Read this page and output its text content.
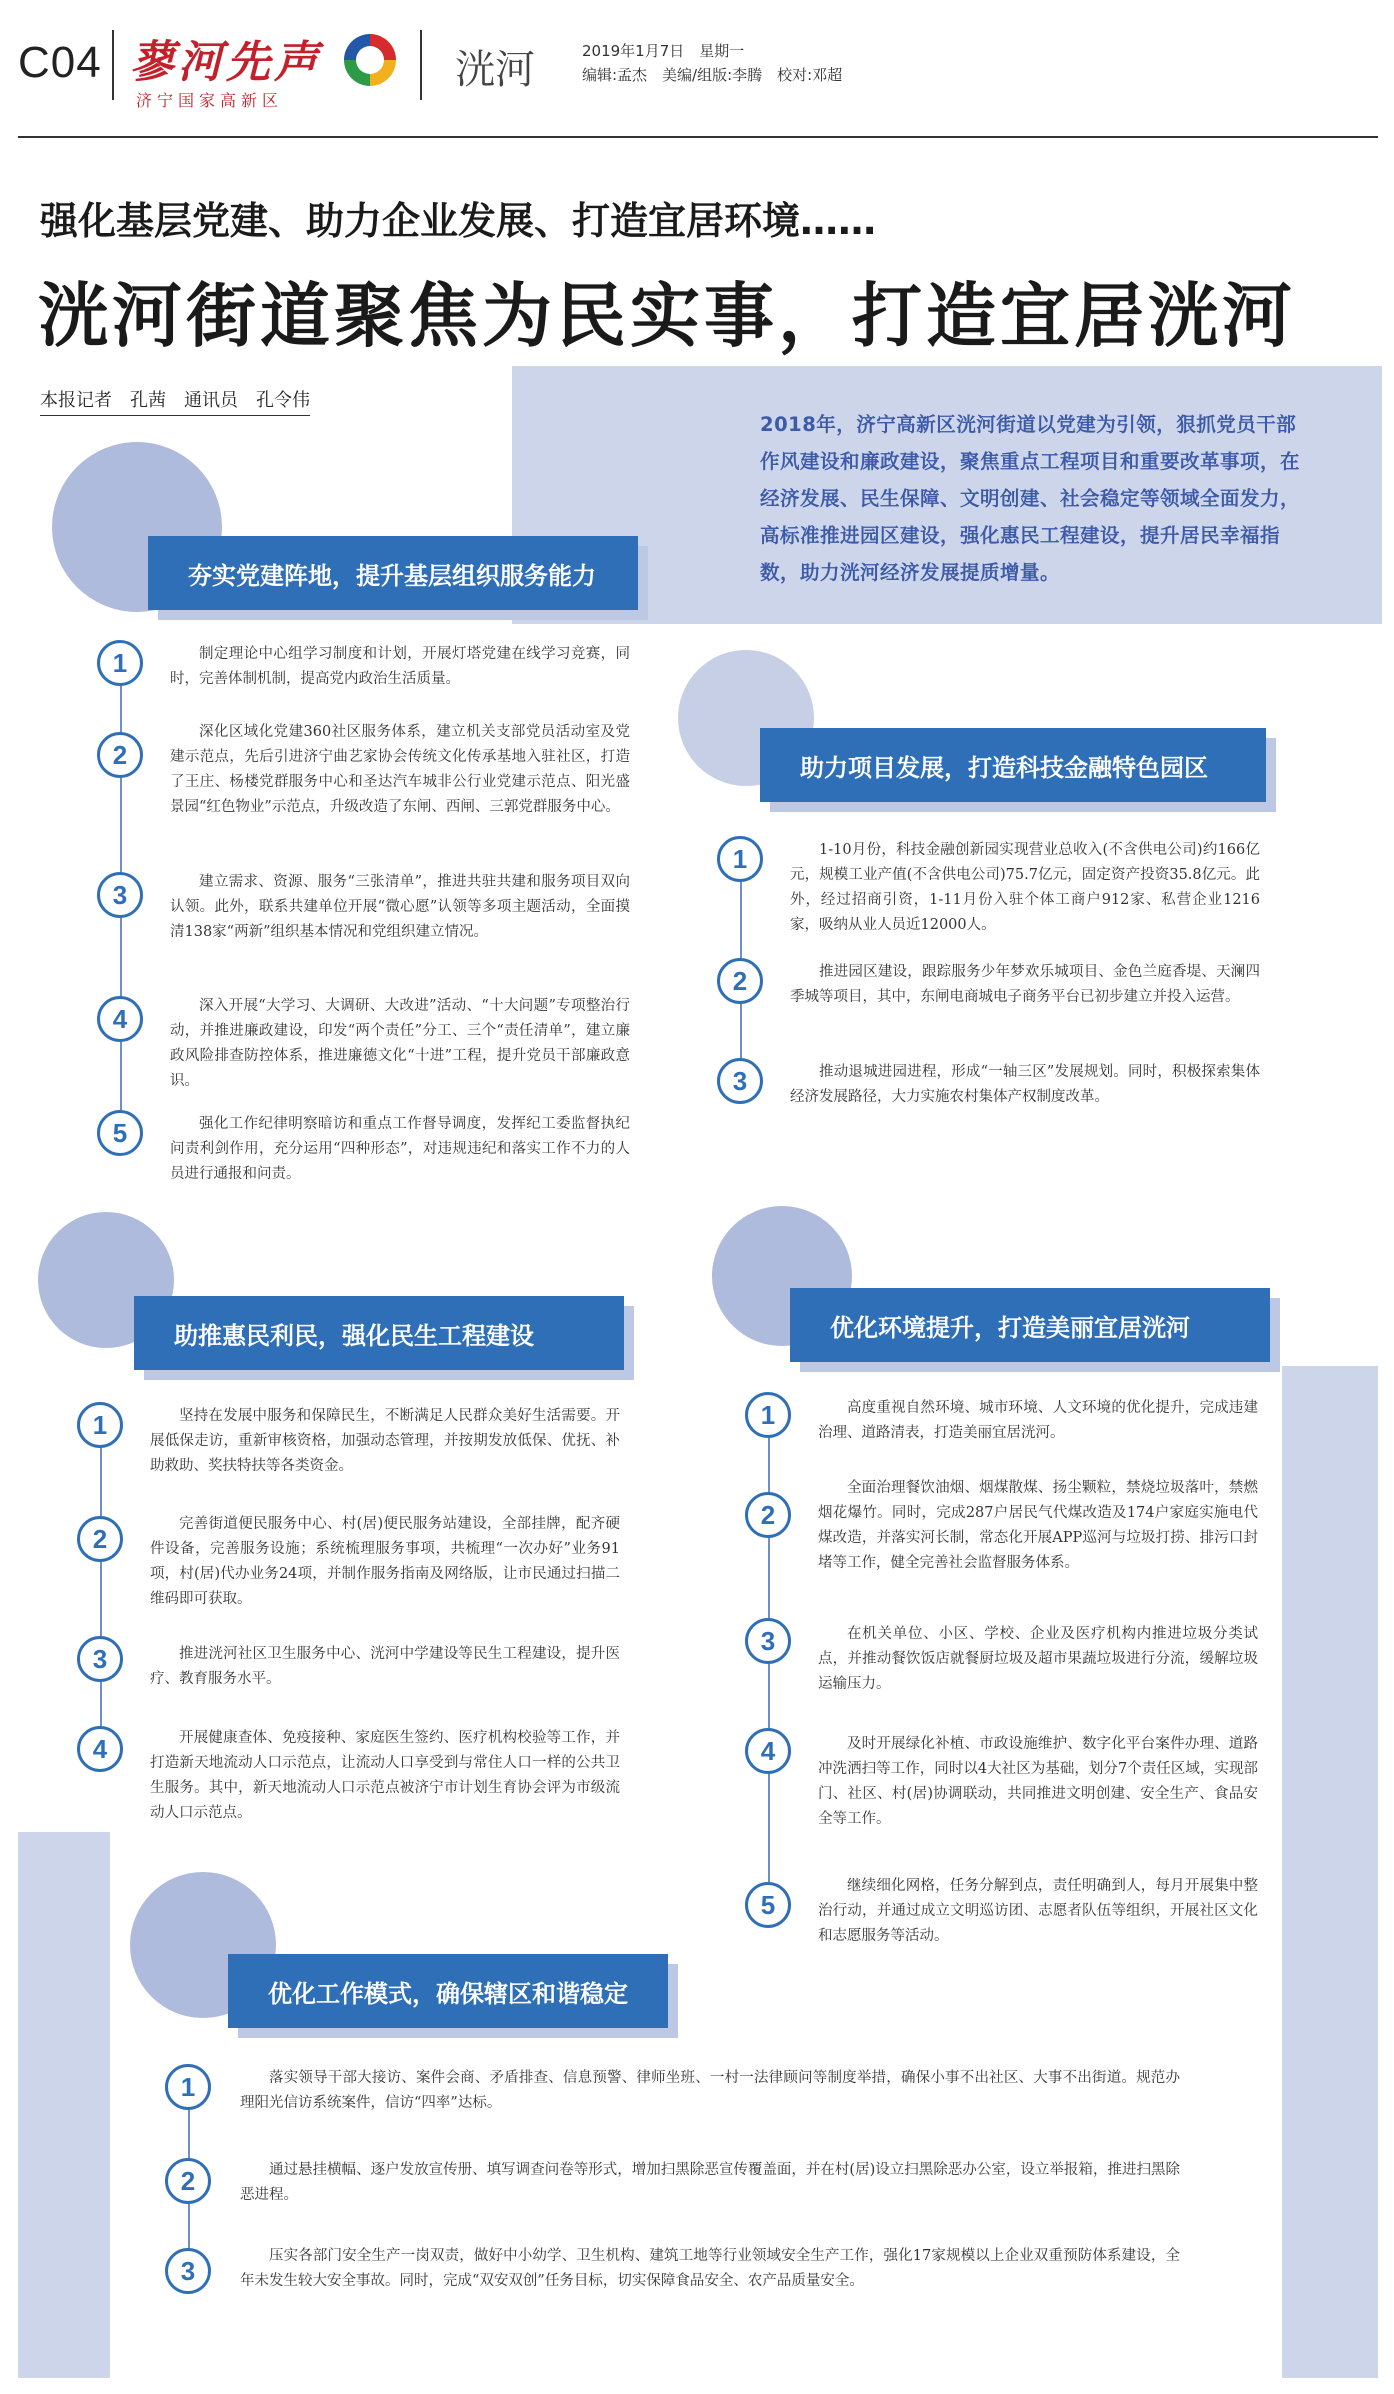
C04 蓼河先声
济宁国家高新区
洸河	2019年1月7日　星期一
编辑:孟杰　美编/组版:李腾　校对:邓超
强化基层党建、助力企业发展、打造宜居环境……
洸河街道聚焦为民实事，打造宜居洸河
本报记者　孔茜　通讯员　孔令伟
2018年，济宁高新区洸河街道以党建为引领，狠抓党员干部作风建设和廉政建设，聚焦重点工程项目和重要改革事项，在经济发展、民生保障、文明创建、社会稳定等领域全面发力，高标准推进园区建设，强化惠民工程建设，提升居民幸福指数，助力洸河经济发展提质增量。
夯实党建阵地，提升基层组织服务能力
1	制定理论中心组学习制度和计划，开展灯塔党建在线学习竞赛，同时，完善体制机制，提高党内政治生活质量。
2
深化区域化党建360社区服务体系，建立机关支部党员活动室及党建示范点，先后引进济宁曲艺家协会传统文化传承基地入驻社区，打造了王庄、杨楼党群服务中心和圣达汽车城非公行业党建示范点、阳光盛景园“红色物业”示范点，升级改造了东闸、西闸、三郭党群服务中心。
3	建立需求、资源、服务“三张清单”，推进共驻共建和服务项目双向认领。此外，联系共建单位开展“微心愿”认领等多项主题活动，全面摸清138家“两新”组织基本情况和党组织建立情况。
4	深入开展“大学习、大调研、大改进”活动、“十大问题”专项整治行动，并推进廉政建设，印发“两个责任”分工、三个“责任清单”，建立廉政风险排查防控体系，推进廉德文化“十进”工程，提升党员干部廉政意识。
5	强化工作纪律明察暗访和重点工作督导调度，发挥纪工委监督执纪问责利剑作用，充分运用“四种形态”，对违规违纪和落实工作不力的人员进行通报和问责。
助力项目发展，打造科技金融特色园区
1	1-10月份，科技金融创新园实现营业总收入(不含供电公司)约166亿元，规模工业产值(不含供电公司)75.7亿元，固定资产投资35.8亿元。此外，经过招商引资，1-11月份入驻个体工商户912家、私营企业1216家，吸纳从业人员近12000人。
2	推进园区建设，跟踪服务少年梦欢乐城项目、金色兰庭香堤、天澜四季城等项目，其中，东闸电商城电子商务平台已初步建立并投入运营。
3	推动退城进园进程，形成“一轴三区”发展规划。同时，积极探索集体经济发展路径，大力实施农村集体产权制度改革。
助推惠民利民，强化民生工程建设
1	坚持在发展中服务和保障民生，不断满足人民群众美好生活需要。开展低保走访，重新审核资格，加强动态管理，并按期发放低保、优抚、补助救助、奖扶特扶等各类资金。
2	完善街道便民服务中心、村(居)便民服务站建设，全部挂牌，配齐硬件设备，完善服务设施；系统梳理服务事项，共梳理“一次办好”业务91项，村(居)代办业务24项，并制作服务指南及网络版，让市民通过扫描二维码即可获取。
3	推进洸河社区卫生服务中心、洸河中学建设等民生工程建设，提升医疗、教育服务水平。
4	开展健康查体、免疫接种、家庭医生签约、医疗机构校验等工作，并打造新天地流动人口示范点，让流动人口享受到与常住人口一样的公共卫生服务。其中，新天地流动人口示范点被济宁市计划生育协会评为市级流动人口示范点。
优化环境提升，打造美丽宜居洸河
1	高度重视自然环境、城市环境、人文环境的优化提升，完成违建治理、道路清表，打造美丽宜居洸河。
2
全面治理餐饮油烟、烟煤散煤、扬尘颗粒，禁烧垃圾落叶，禁燃烟花爆竹。同时，完成287户居民气代煤改造及174户家庭实施电代煤改造，并落实河长制，常态化开展APP巡河与垃圾打捞、排污口封堵等工作，健全完善社会监督服务体系。
3	在机关单位、小区、学校、企业及医疗机构内推进垃圾分类试点，并推动餐饮饭店就餐厨垃圾及超市果蔬垃圾进行分流，缓解垃圾运输压力。
4	及时开展绿化补植、市政设施维护、数字化平台案件办理、道路冲洗洒扫等工作，同时以4大社区为基础，划分7个责任区域，实现部门、社区、村(居)协调联动，共同推进文明创建、安全生产、食品安全等工作。
5
继续细化网格，任务分解到点，责任明确到人，每月开展集中整治行动，并通过成立文明巡访团、志愿者队伍等组织，开展社区文化和志愿服务等活动。
优化工作模式，确保辖区和谐稳定
1	落实领导干部大接访、案件会商、矛盾排查、信息预警、律师坐班、一村一法律顾问等制度举措，确保小事不出社区、大事不出街道。规范办理阳光信访系统案件，信访“四率”达标。
2	通过悬挂横幅、逐户发放宣传册、填写调查问卷等形式，增加扫黑除恶宣传覆盖面，并在村(居)设立扫黑除恶办公室，设立举报箱，推进扫黑除恶进程。
3	压实各部门安全生产一岗双责，做好中小幼学、卫生机构、建筑工地等行业领域安全生产工作，强化17家规模以上企业双重预防体系建设，全年未发生较大安全事故。同时，完成“双安双创”任务目标，切实保障食品安全、农产品质量安全。
